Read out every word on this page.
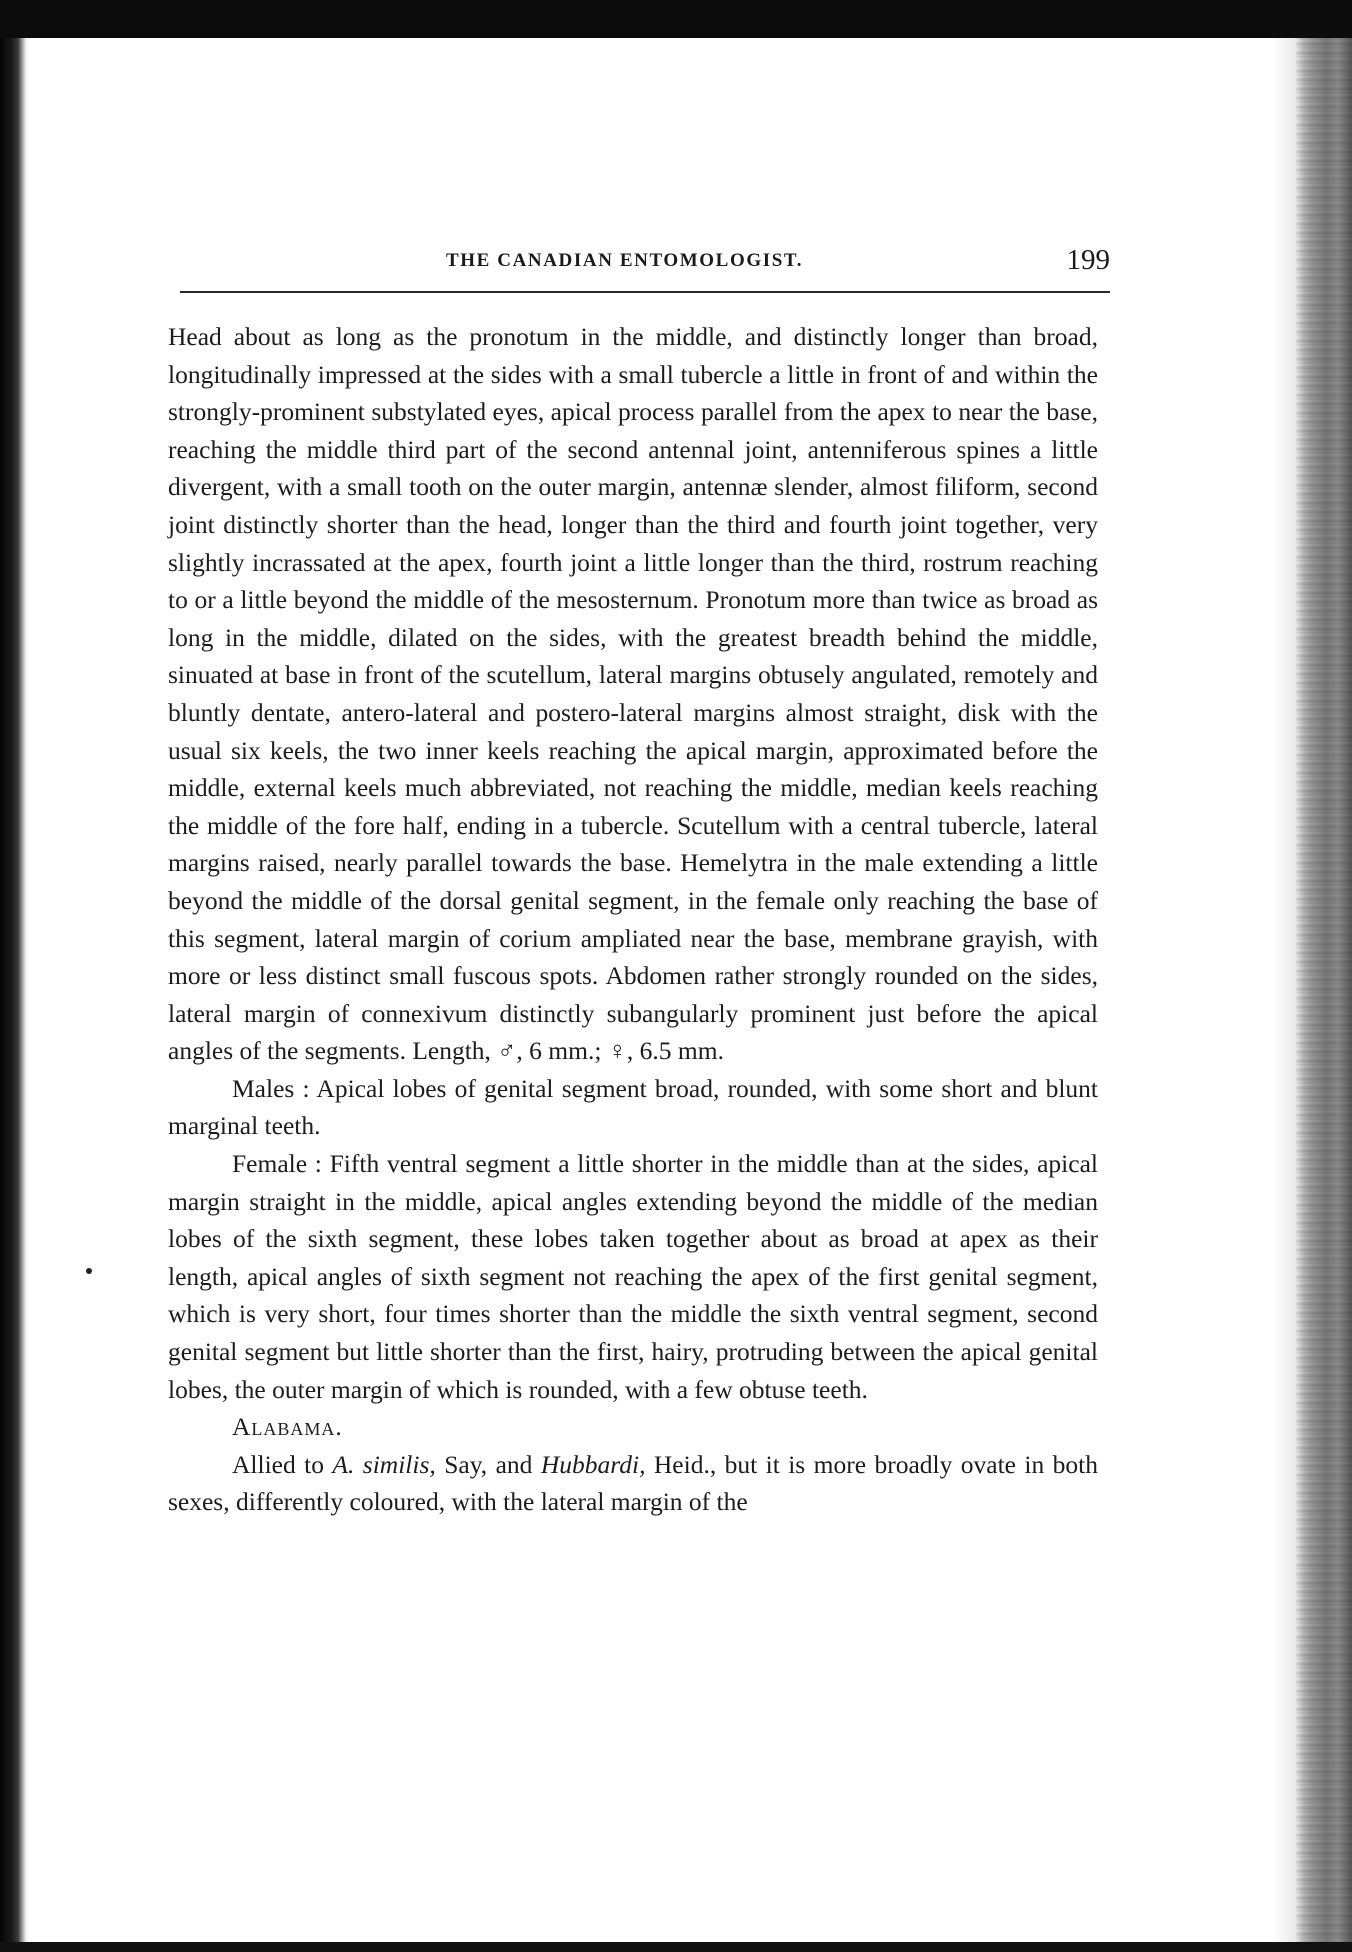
THE CANADIAN ENTOMOLOGIST.	199

Head about as long as the pronotum in the middle, and distinctly longer than broad, longitudinally impressed at the sides with a small tubercle a little in front of and within the strongly-prominent substylated eyes, apical process parallel from the apex to near the base, reaching the middle third part of the second antennal joint, antenniferous spines a little divergent, with a small tooth on the outer margin, antennæ slender, almost filiform, second joint distinctly shorter than the head, longer than the third and fourth joint together, very slightly incrassated at the apex, fourth joint a little longer than the third, rostrum reaching to or a little beyond the middle of the mesosternum. Pronotum more than twice as broad as long in the middle, dilated on the sides, with the greatest breadth behind the middle, sinuated at base in front of the scutellum, lateral margins obtusely angulated, remotely and bluntly dentate, antero-lateral and postero-lateral margins almost straight, disk with the usual six keels, the two inner keels reaching the apical margin, approximated before the middle, external keels much abbreviated, not reaching the middle, median keels reaching the middle of the fore half, ending in a tubercle. Scutellum with a central tubercle, lateral margins raised, nearly parallel towards the base. Hemelytra in the male extending a little beyond the middle of the dorsal genital segment, in the female only reaching the base of this segment, lateral margin of corium ampliated near the base, membrane grayish, with more or less distinct small fuscous spots. Abdomen rather strongly rounded on the sides, lateral margin of connexivum distinctly subangularly prominent just before the apical angles of the segments. Length, ♂, 6 mm.; ♀, 6.5 mm.

Males : Apical lobes of genital segment broad, rounded, with some short and blunt marginal teeth.

Female : Fifth ventral segment a little shorter in the middle than at the sides, apical margin straight in the middle, apical angles extending beyond the middle of the median lobes of the sixth segment, these lobes taken together about as broad at apex as their length, apical angles of sixth segment not reaching the apex of the first genital segment, which is very short, four times shorter than the middle the sixth ventral segment, second genital segment but little shorter than the first, hairy, protruding between the apical genital lobes, the outer margin of which is rounded, with a few obtuse teeth.

Alabama.

Allied to A. similis, Say, and Hubbardi, Heid., but it is more broadly ovate in both sexes, differently coloured, with the lateral margin of the
